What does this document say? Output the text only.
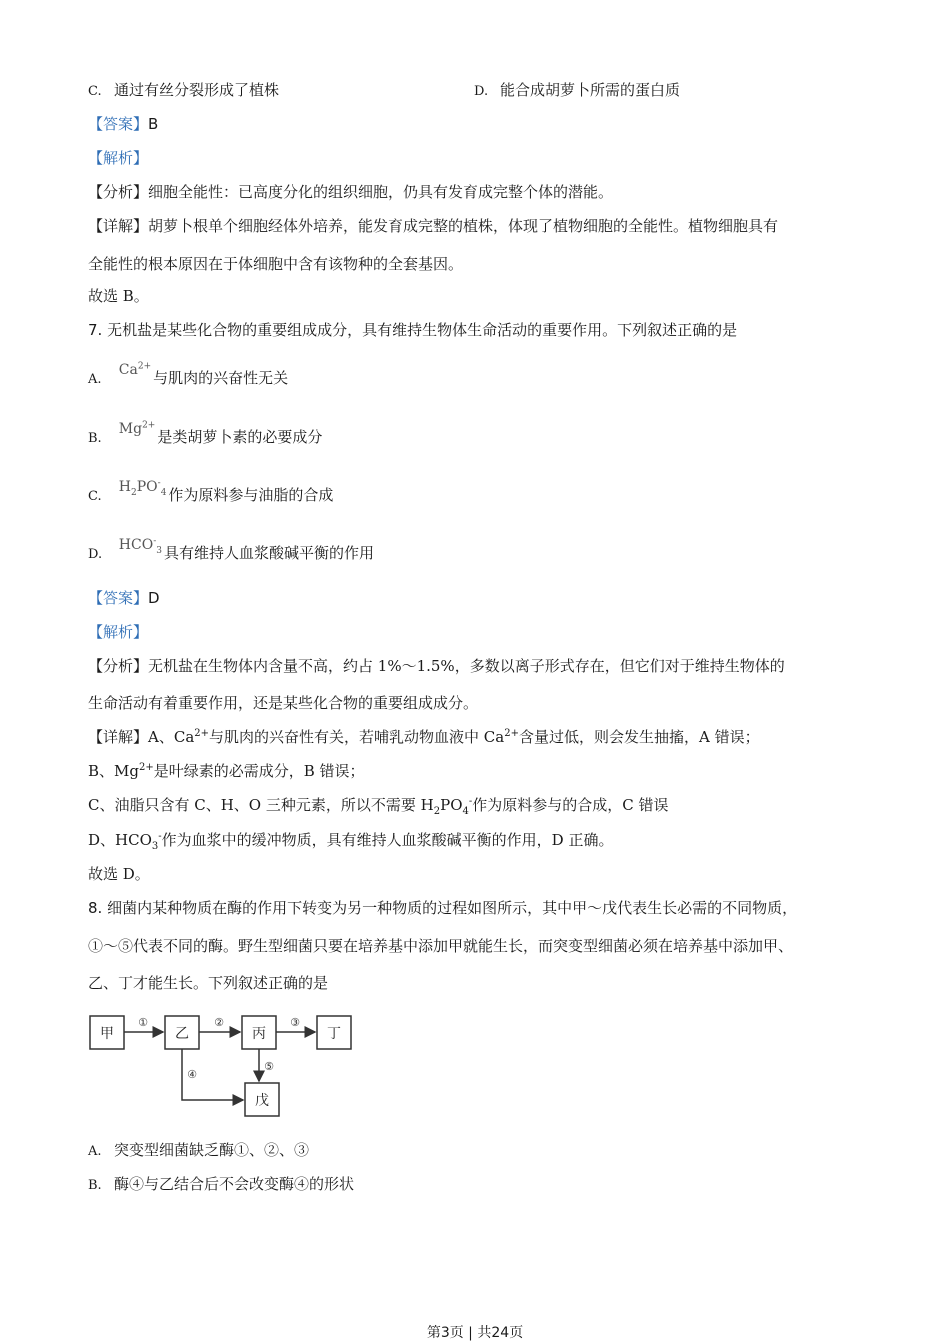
C. 通过有丝分裂形成了植株	D. 能合成胡萝卜所需的蛋白质
【答案】B
【解析】
【分析】细胞全能性：已高度分化的组织细胞，仍具有发育成完整个体的潜能。
【详解】胡萝卜根单个细胞经体外培养，能发育成完整的植株，体现了植物细胞的全能性。植物细胞具有
全能性的根本原因在于体细胞中含有该物种的全套基因。
故选 B。
7. 无机盐是某些化合物的重要组成成分，具有维持生物体生命活动的重要作用。下列叙述正确的是
A. $Ca^{2+}$与肌肉的兴奋性无关
B. $Mg^{2+}$是类胡萝卜素的必要成分
C. $H_2PO^-_4$ 作为原料参与油脂的合成
D. $HCO^-_3$ 具有维持人血浆酸碱平衡的作用
【答案】D
【解析】
【分析】无机盐在生物体内含量不高，约占 1%～1.5%，多数以离子形式存在，但它们对于维持生物体的
生命活动有着重要作用，还是某些化合物的重要组成成分。
【详解】A、$Ca^{2+}$与肌肉的兴奋性有关，若哺乳动物血液中 $Ca^{2+}$含量过低，则会发生抽搐，A 错误；
B、$Mg^{2+}$是叶绿素的必需成分，B 错误；
C、油脂只含有 C、H、O 三种元素，所以不需要 $H_2PO_4^-$作为原料参与的合成，C 错误
D、$HCO_3^-$作为血浆中的缓冲物质，具有维持人血浆酸碱平衡的作用，D 正确。
故选 D。
8. 细菌内某种物质在酶的作用下转变为另一种物质的过程如图所示，其中甲～戊代表生长必需的不同物质，
①～⑤代表不同的酶。野生型细菌只要在培养基中添加甲就能生长，而突变型细菌必须在培养基中添加甲、
乙、丁才能生长。下列叙述正确的是
甲	乙	丙	丁
戊
①	②	③
④
⑤
A. 突变型细菌缺乏酶①、②、③
B. 酶④与乙结合后不会改变酶④的形状
第3页 | 共24页
